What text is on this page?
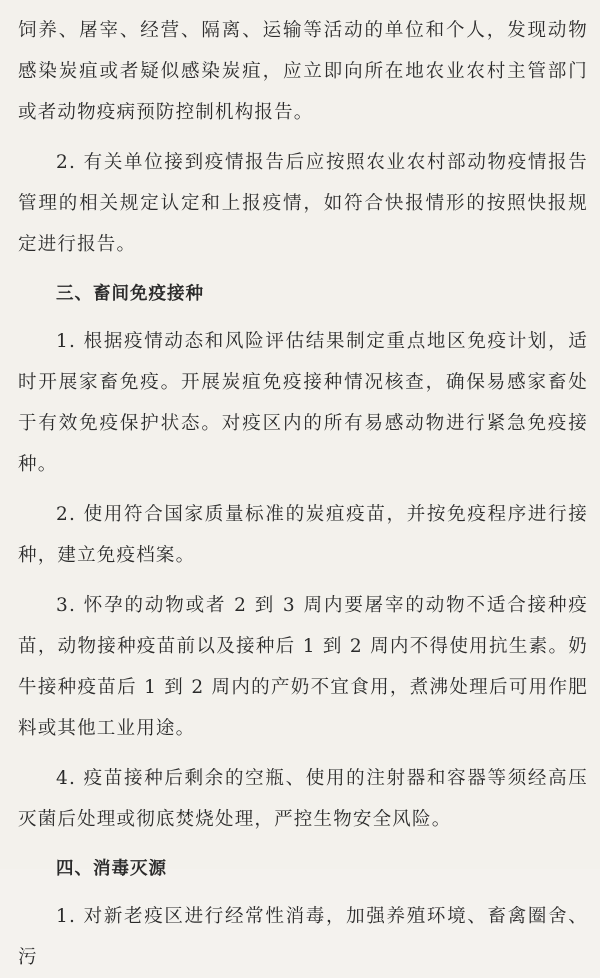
饲养、屠宰、经营、隔离、运输等活动的单位和个人，发现动物感染炭疽或者疑似感染炭疽，应立即向所在地农业农村主管部门或者动物疫病预防控制机构报告。

2. 有关单位接到疫情报告后应按照农业农村部动物疫情报告管理的相关规定认定和上报疫情，如符合快报情形的按照快报规定进行报告。

三、畜间免疫接种

1. 根据疫情动态和风险评估结果制定重点地区免疫计划，适时开展家畜免疫。开展炭疽免疫接种情况核查，确保易感家畜处于有效免疫保护状态。对疫区内的所有易感动物进行紧急免疫接种。

2. 使用符合国家质量标准的炭疽疫苗，并按免疫程序进行接种，建立免疫档案。

3. 怀孕的动物或者 2 到 3 周内要屠宰的动物不适合接种疫苗，动物接种疫苗前以及接种后 1 到 2 周内不得使用抗生素。奶牛接种疫苗后 1 到 2 周内的产奶不宜食用，煮沸处理后可用作肥料或其他工业用途。

4. 疫苗接种后剩余的空瓶、使用的注射器和容器等须经高压灭菌后处理或彻底焚烧处理，严控生物安全风险。

四、消毒灭源

1. 对新老疫区进行经常性消毒，加强养殖环境、畜禽圈舍、污
